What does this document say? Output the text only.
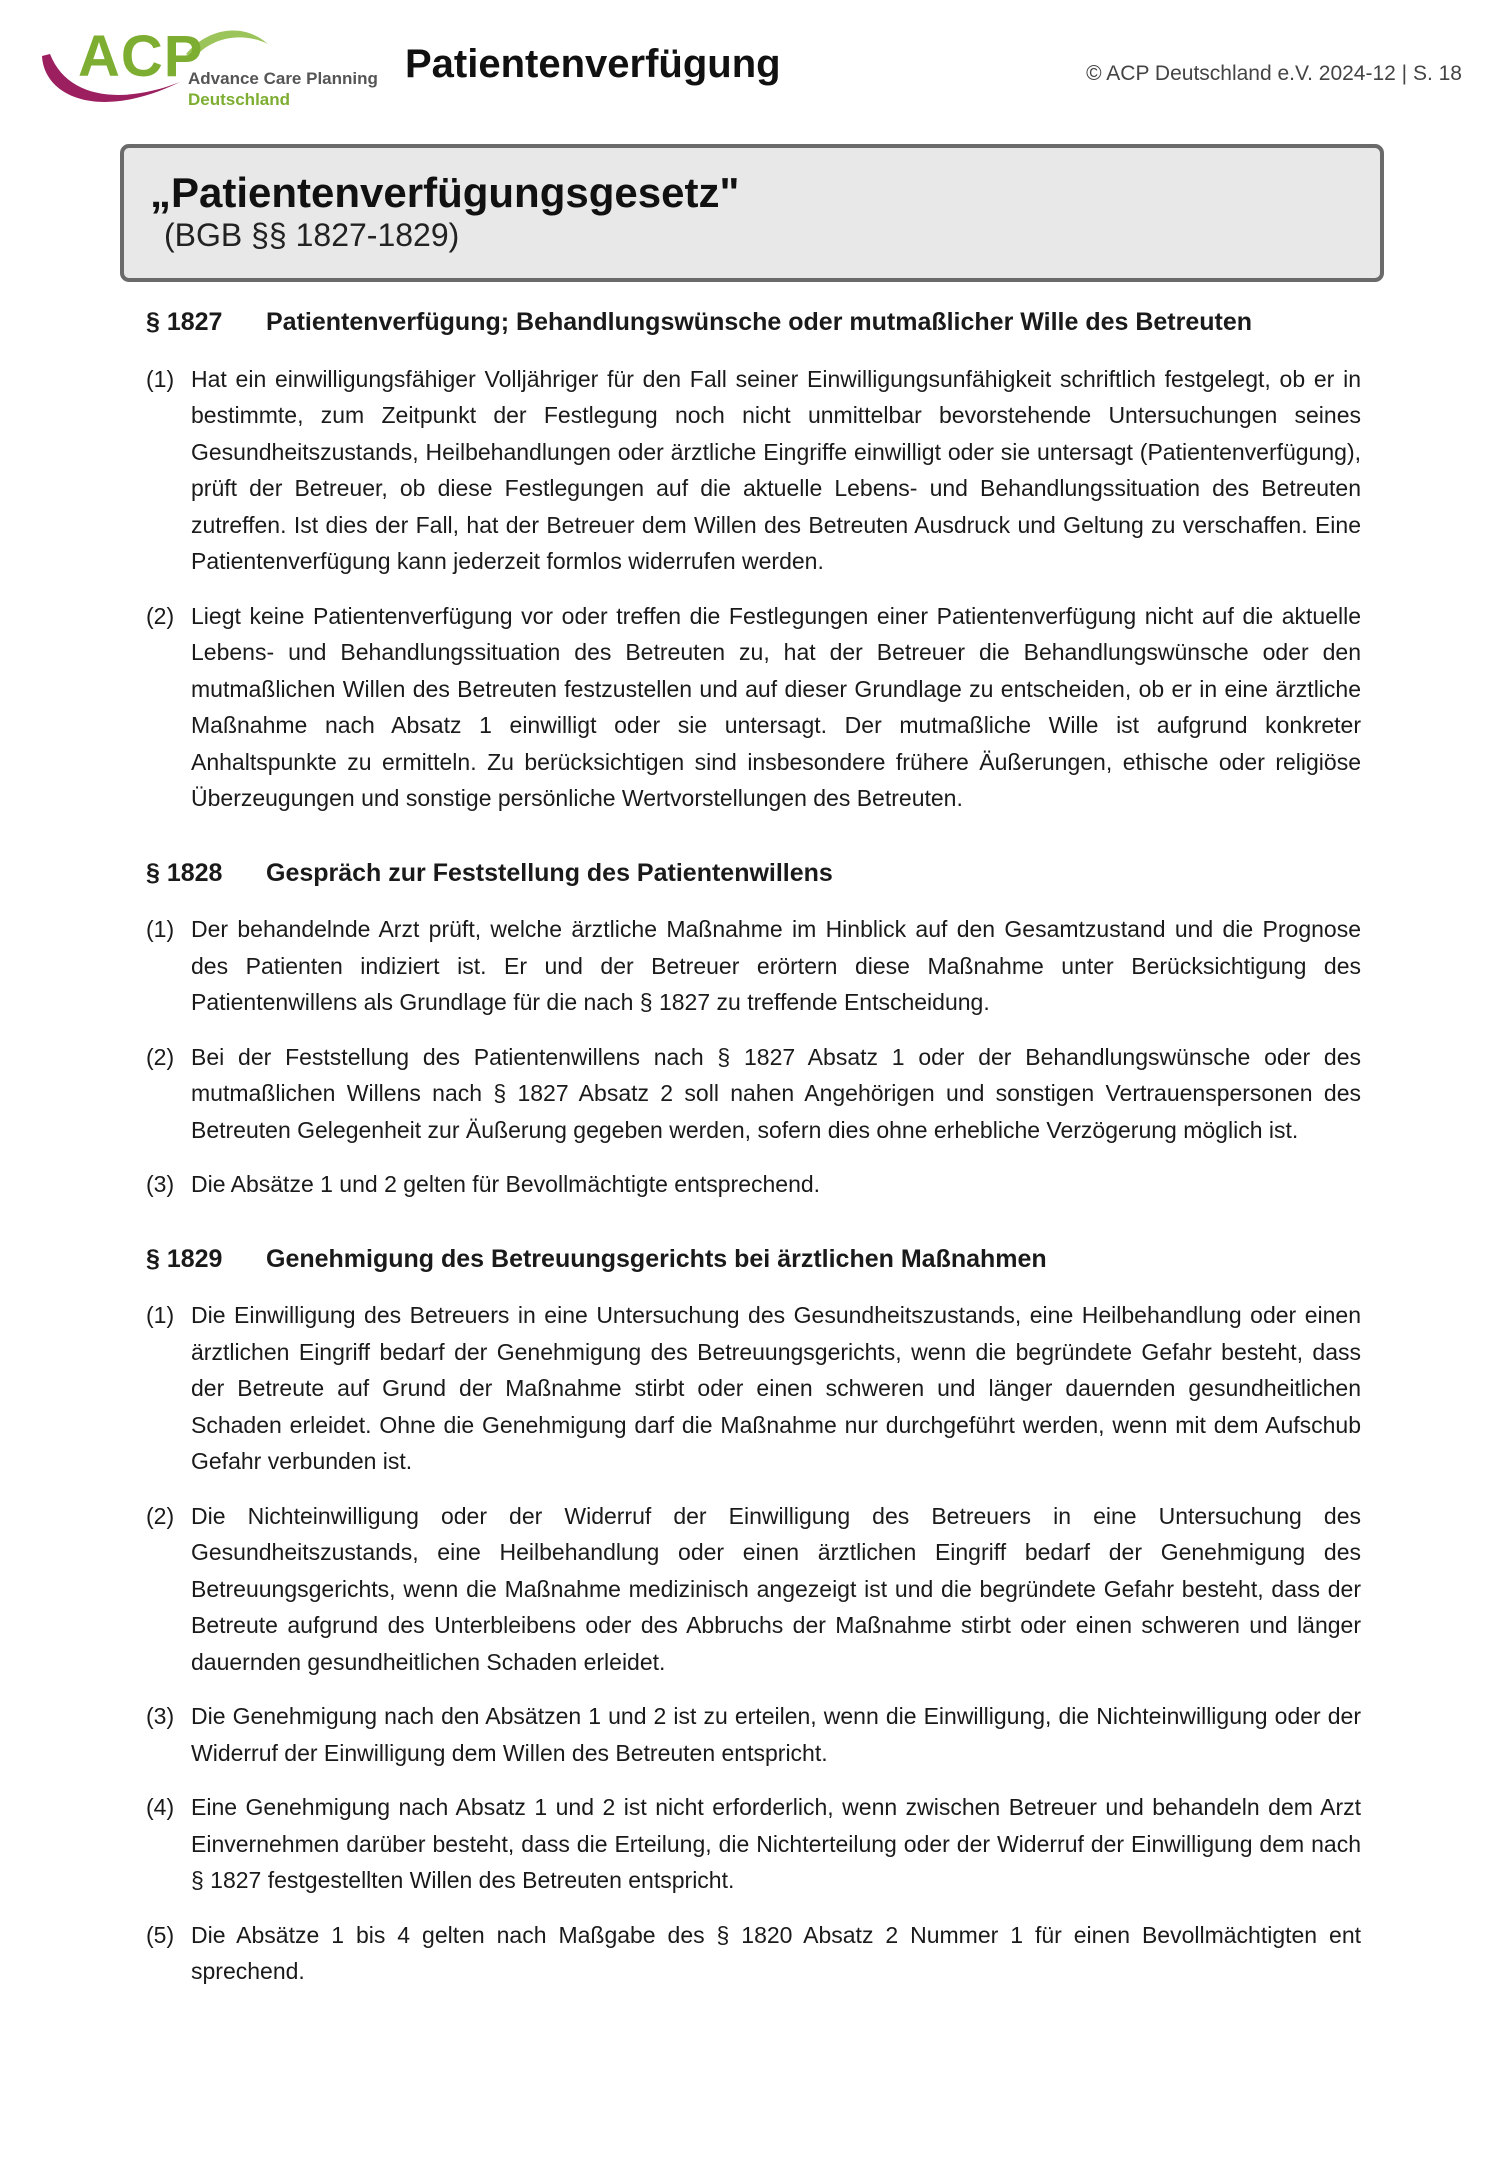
ACP
Advance Care Planning
Deutschland
Patientenverfügung	© ACP Deutschland e.V. 2024-12 | S. 18
„Patientenverfügungsgesetz"
(BGB §§ 1827-1829)
§ 1827	Patientenverfügung; Behandlungswünsche oder mutmaßlicher Wille des Betreuten
(1) Hat ein einwilligungsfähiger Volljähriger für den Fall seiner Einwilligungsunfähigkeit schriftlich festgelegt, ob er in bestimmte, zum Zeitpunkt der Festlegung noch nicht unmittelbar bevorstehende Untersuchungen seines Gesundheitszustands, Heilbehandlungen oder ärztliche Eingriffe einwilligt oder sie untersagt (Patientenverfügung), prüft der Betreuer, ob diese Festlegungen auf die aktuelle Lebens- und Behandlungssituation des Betreuten zutreffen. Ist dies der Fall, hat der Betreuer dem Willen des Betreuten Ausdruck und Geltung zu verschaffen. Eine Patientenverfügung kann jederzeit formlos widerrufen werden.
(2) Liegt keine Patientenverfügung vor oder treffen die Festlegungen einer Patientenverfügung nicht auf die aktuelle Lebens- und Behandlungssituation des Betreuten zu, hat der Betreuer die Behandlungswünsche oder den mutmaßlichen Willen des Betreuten festzustellen und auf dieser Grundlage zu entscheiden, ob er in eine ärztliche Maßnahme nach Absatz 1 einwilligt oder sie untersagt. Der mutmaßliche Wille ist aufgrund konkreter Anhaltspunkte zu ermitteln. Zu berücksichtigen sind insbesondere frühere Äußerungen, ethische oder religiöse Überzeugungen und sonstige persönliche Wertvorstellungen des Betreuten.
§ 1828	Gespräch zur Feststellung des Patientenwillens
(1) Der behandelnde Arzt prüft, welche ärztliche Maßnahme im Hinblick auf den Gesamtzustand und die Prognose des Patienten indiziert ist. Er und der Betreuer erörtern diese Maßnahme unter Berücksichtigung des Patientenwillens als Grundlage für die nach § 1827 zu treffende Entscheidung.
(2) Bei der Feststellung des Patientenwillens nach § 1827 Absatz 1 oder der Behandlungswünsche oder des mutmaßlichen Willens nach § 1827 Absatz 2 soll nahen Angehörigen und sonstigen Vertrauenspersonen des Betreuten Gelegenheit zur Äußerung gegeben werden, sofern dies ohne erhebliche Verzögerung möglich ist.
(3) Die Absätze 1 und 2 gelten für Bevollmächtigte entsprechend.
§ 1829	Genehmigung des Betreuungsgerichts bei ärztlichen Maßnahmen
(1) Die Einwilligung des Betreuers in eine Untersuchung des Gesundheitszustands, eine Heilbehandlung oder einen ärztlichen Eingriff bedarf der Genehmigung des Betreuungsgerichts, wenn die begründete Gefahr besteht, dass der Betreute auf Grund der Maßnahme stirbt oder einen schweren und länger dauernden gesundheitlichen Schaden erleidet. Ohne die Genehmigung darf die Maßnahme nur durchgeführt werden, wenn mit dem Aufschub Gefahr verbunden ist.
(2) Die Nichteinwilligung oder der Widerruf der Einwilligung des Betreuers in eine Untersuchung des Gesundheitszustands, eine Heilbehandlung oder einen ärztlichen Eingriff bedarf der Genehmigung des Betreuungsgerichts, wenn die Maßnahme medizinisch angezeigt ist und die begründete Gefahr besteht, dass der Betreute aufgrund des Unterbleibens oder des Abbruchs der Maßnahme stirbt oder einen schweren und länger dauernden gesundheitlichen Schaden erleidet.
(3) Die Genehmigung nach den Absätzen 1 und 2 ist zu erteilen, wenn die Einwilligung, die Nichteinwilligung oder der Widerruf der Einwilligung dem Willen des Betreuten entspricht.
(4) Eine Genehmigung nach Absatz 1 und 2 ist nicht erforderlich, wenn zwischen Betreuer und behandeln dem Arzt Einvernehmen darüber besteht, dass die Erteilung, die Nichterteilung oder der Widerruf der Einwilligung dem nach § 1827 festgestellten Willen des Betreuten entspricht.
(5) Die Absätze 1 bis 4 gelten nach Maßgabe des § 1820 Absatz 2 Nummer 1 für einen Bevollmächtigten ent sprechend.
